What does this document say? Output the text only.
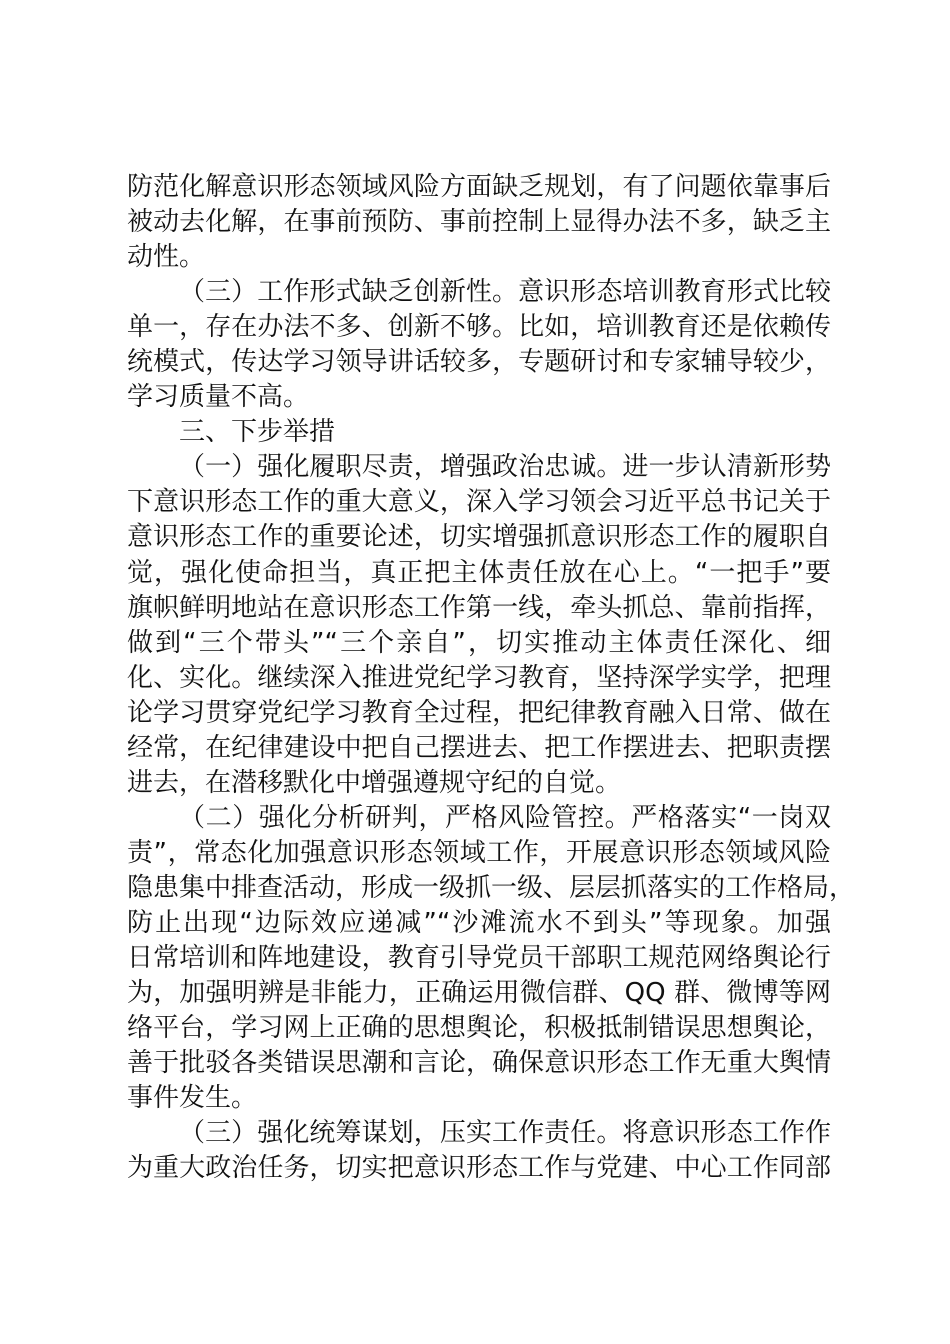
防范化解意识形态领域风险方面缺乏规划，有了问题依靠事后
被动去化解，在事前预防、事前控制上显得办法不多，缺乏主
动性。
（三）工作形式缺乏创新性。意识形态培训教育形式比较
单一，存在办法不多、创新不够。比如，培训教育还是依赖传
统模式，传达学习领导讲话较多，专题研讨和专家辅导较少，
学习质量不高。
三、下步举措
（一）强化履职尽责，增强政治忠诚。进一步认清新形势
下意识形态工作的重大意义，深入学习领会习近平总书记关于
意识形态工作的重要论述，切实增强抓意识形态工作的履职自
觉，强化使命担当，真正把主体责任放在心上。“一把手”要
旗帜鲜明地站在意识形态工作第一线，牵头抓总、靠前指挥，
做到“三个带头”“三个亲自”，切实推动主体责任深化、细
化、实化。继续深入推进党纪学习教育，坚持深学实学，把理
论学习贯穿党纪学习教育全过程，把纪律教育融入日常、做在
经常，在纪律建设中把自己摆进去、把工作摆进去、把职责摆
进去，在潜移默化中增强遵规守纪的自觉。
（二）强化分析研判，严格风险管控。严格落实“一岗双
责”，常态化加强意识形态领域工作，开展意识形态领域风险
隐患集中排查活动，形成一级抓一级、层层抓落实的工作格局，
防止出现“边际效应递减”“沙滩流水不到头”等现象。加强
日常培训和阵地建设，教育引导党员干部职工规范网络舆论行
为，加强明辨是非能力，正确运用微信群、QQ 群、微博等网
络平台，学习网上正确的思想舆论，积极抵制错误思想舆论，
善于批驳各类错误思潮和言论，确保意识形态工作无重大舆情
事件发生。
（三）强化统筹谋划，压实工作责任。将意识形态工作作
为重大政治任务，切实把意识形态工作与党建、中心工作同部
